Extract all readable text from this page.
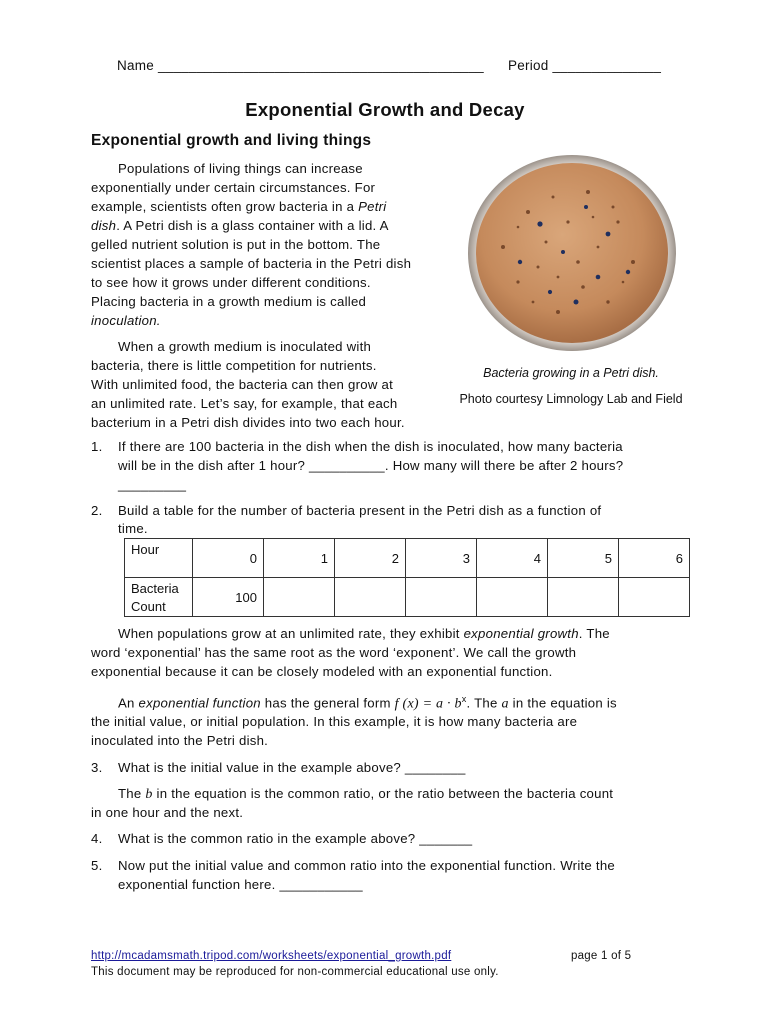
Name __________________________________________ Period ______________
Exponential Growth and Decay
Exponential growth and living things
Populations of living things can increase
exponentially under certain circumstances. For
example, scientists often grow bacteria in a Petri
dish. A Petri dish is a glass container with a lid. A
gelled nutrient solution is put in the bottom. The
scientist places a sample of bacteria in the Petri dish
to see how it grows under different conditions.
Placing bacteria in a growth medium is called
inoculation.
When a growth medium is inoculated with
bacteria, there is little competition for nutrients.
With unlimited food, the bacteria can then grow at
an unlimited rate. Let’s say, for example, that each
bacterium in a Petri dish divides into two each hour.
Bacteria growing in a Petri dish.
Photo courtesy Limnology Lab and Field
1. If there are 100 bacteria in the dish when the dish is inoculated, how many bacteria
will be in the dish after 1 hour? __________. How many will there be after 2 hours?
_________
2. Build a table for the number of bacteria present in the Petri dish as a function of
time.
Hour	0	1	2	3	4	5	6

Bacteria
Count	100						
When populations grow at an unlimited rate, they exhibit exponential growth. The
word ‘exponential’ has the same root as the word ‘exponent’. We call the growth
exponential because it can be closely modeled with an exponential function.
An exponential function has the general form f $(x) = a \cdot b^x$. The a in the equation is
the initial value, or initial population. In this example, it is how many bacteria are
inoculated into the Petri dish.
3. What is the initial value in the example above? ________
The b in the equation is the common ratio, or the ratio between the bacteria count
in one hour and the next.
4. What is the common ratio in the example above? _______
5. Now put the initial value and common ratio into the exponential function. Write the
exponential function here. ___________
http://mcadamsmath.tripod.com/worksheets/exponential_growth.pdf	page 1 of 5
This document may be reproduced for non-commercial educational use only.
